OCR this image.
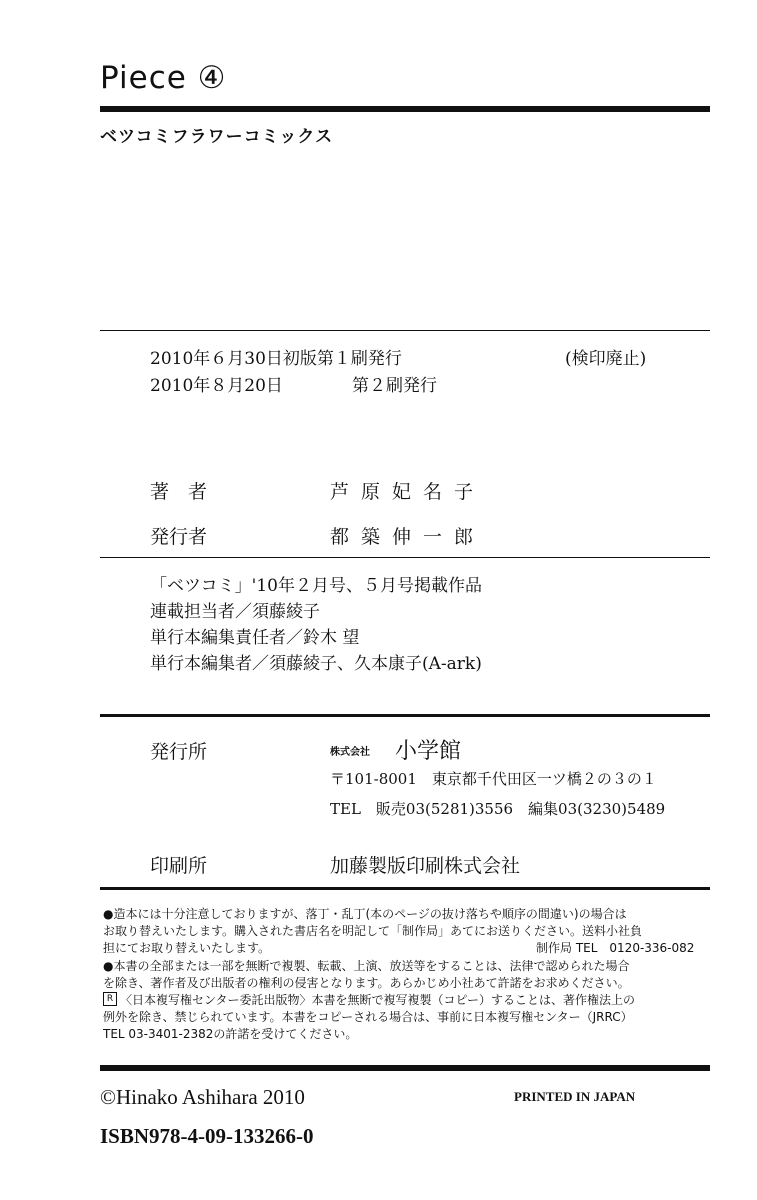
Piece ④
ベツコミフラワーコミックス
2010年６月30日初版第１刷発行	(検印廃止)
2010年８月20日	第２刷発行
著　者	芦原妃名子
発行者	都築伸一郎
「ベツコミ」'10年２月号、５月号掲載作品
連載担当者／須藤綾子
単行本編集責任者／鈴木 望
単行本編集者／須藤綾子、久本康子(A-ark)
発行所	株式会社 小学館
〒101-8001　東京都千代田区一ツ橋２の３の１
TEL　販売03(5281)3556　編集03(3230)5489
印刷所	加藤製版印刷株式会社
●造本には十分注意しておりますが、落丁・乱丁(本のページの抜け落ちや順序の間違い)の場合は
お取り替えいたします。購入された書店名を明記して「制作局」あてにお送りください。送料小社負
担にてお取り替えいたします。	制作局 TEL　0120-336-082
●本書の全部または一部を無断で複製、転載、上演、放送等をすることは、法律で認められた場合
を除き、著作者及び出版者の権利の侵害となります。あらかじめ小社あて許諾をお求めください。
R 〈日本複写権センター委託出版物〉本書を無断で複写複製（コピー）することは、著作権法上の
例外を除き、禁じられています。本書をコピーされる場合は、事前に日本複写権センター（JRRC）
TEL 03-3401-2382の許諾を受けてください。
©Hinako Ashihara 2010	PRINTED IN JAPAN
ISBN978-4-09-133266-0
